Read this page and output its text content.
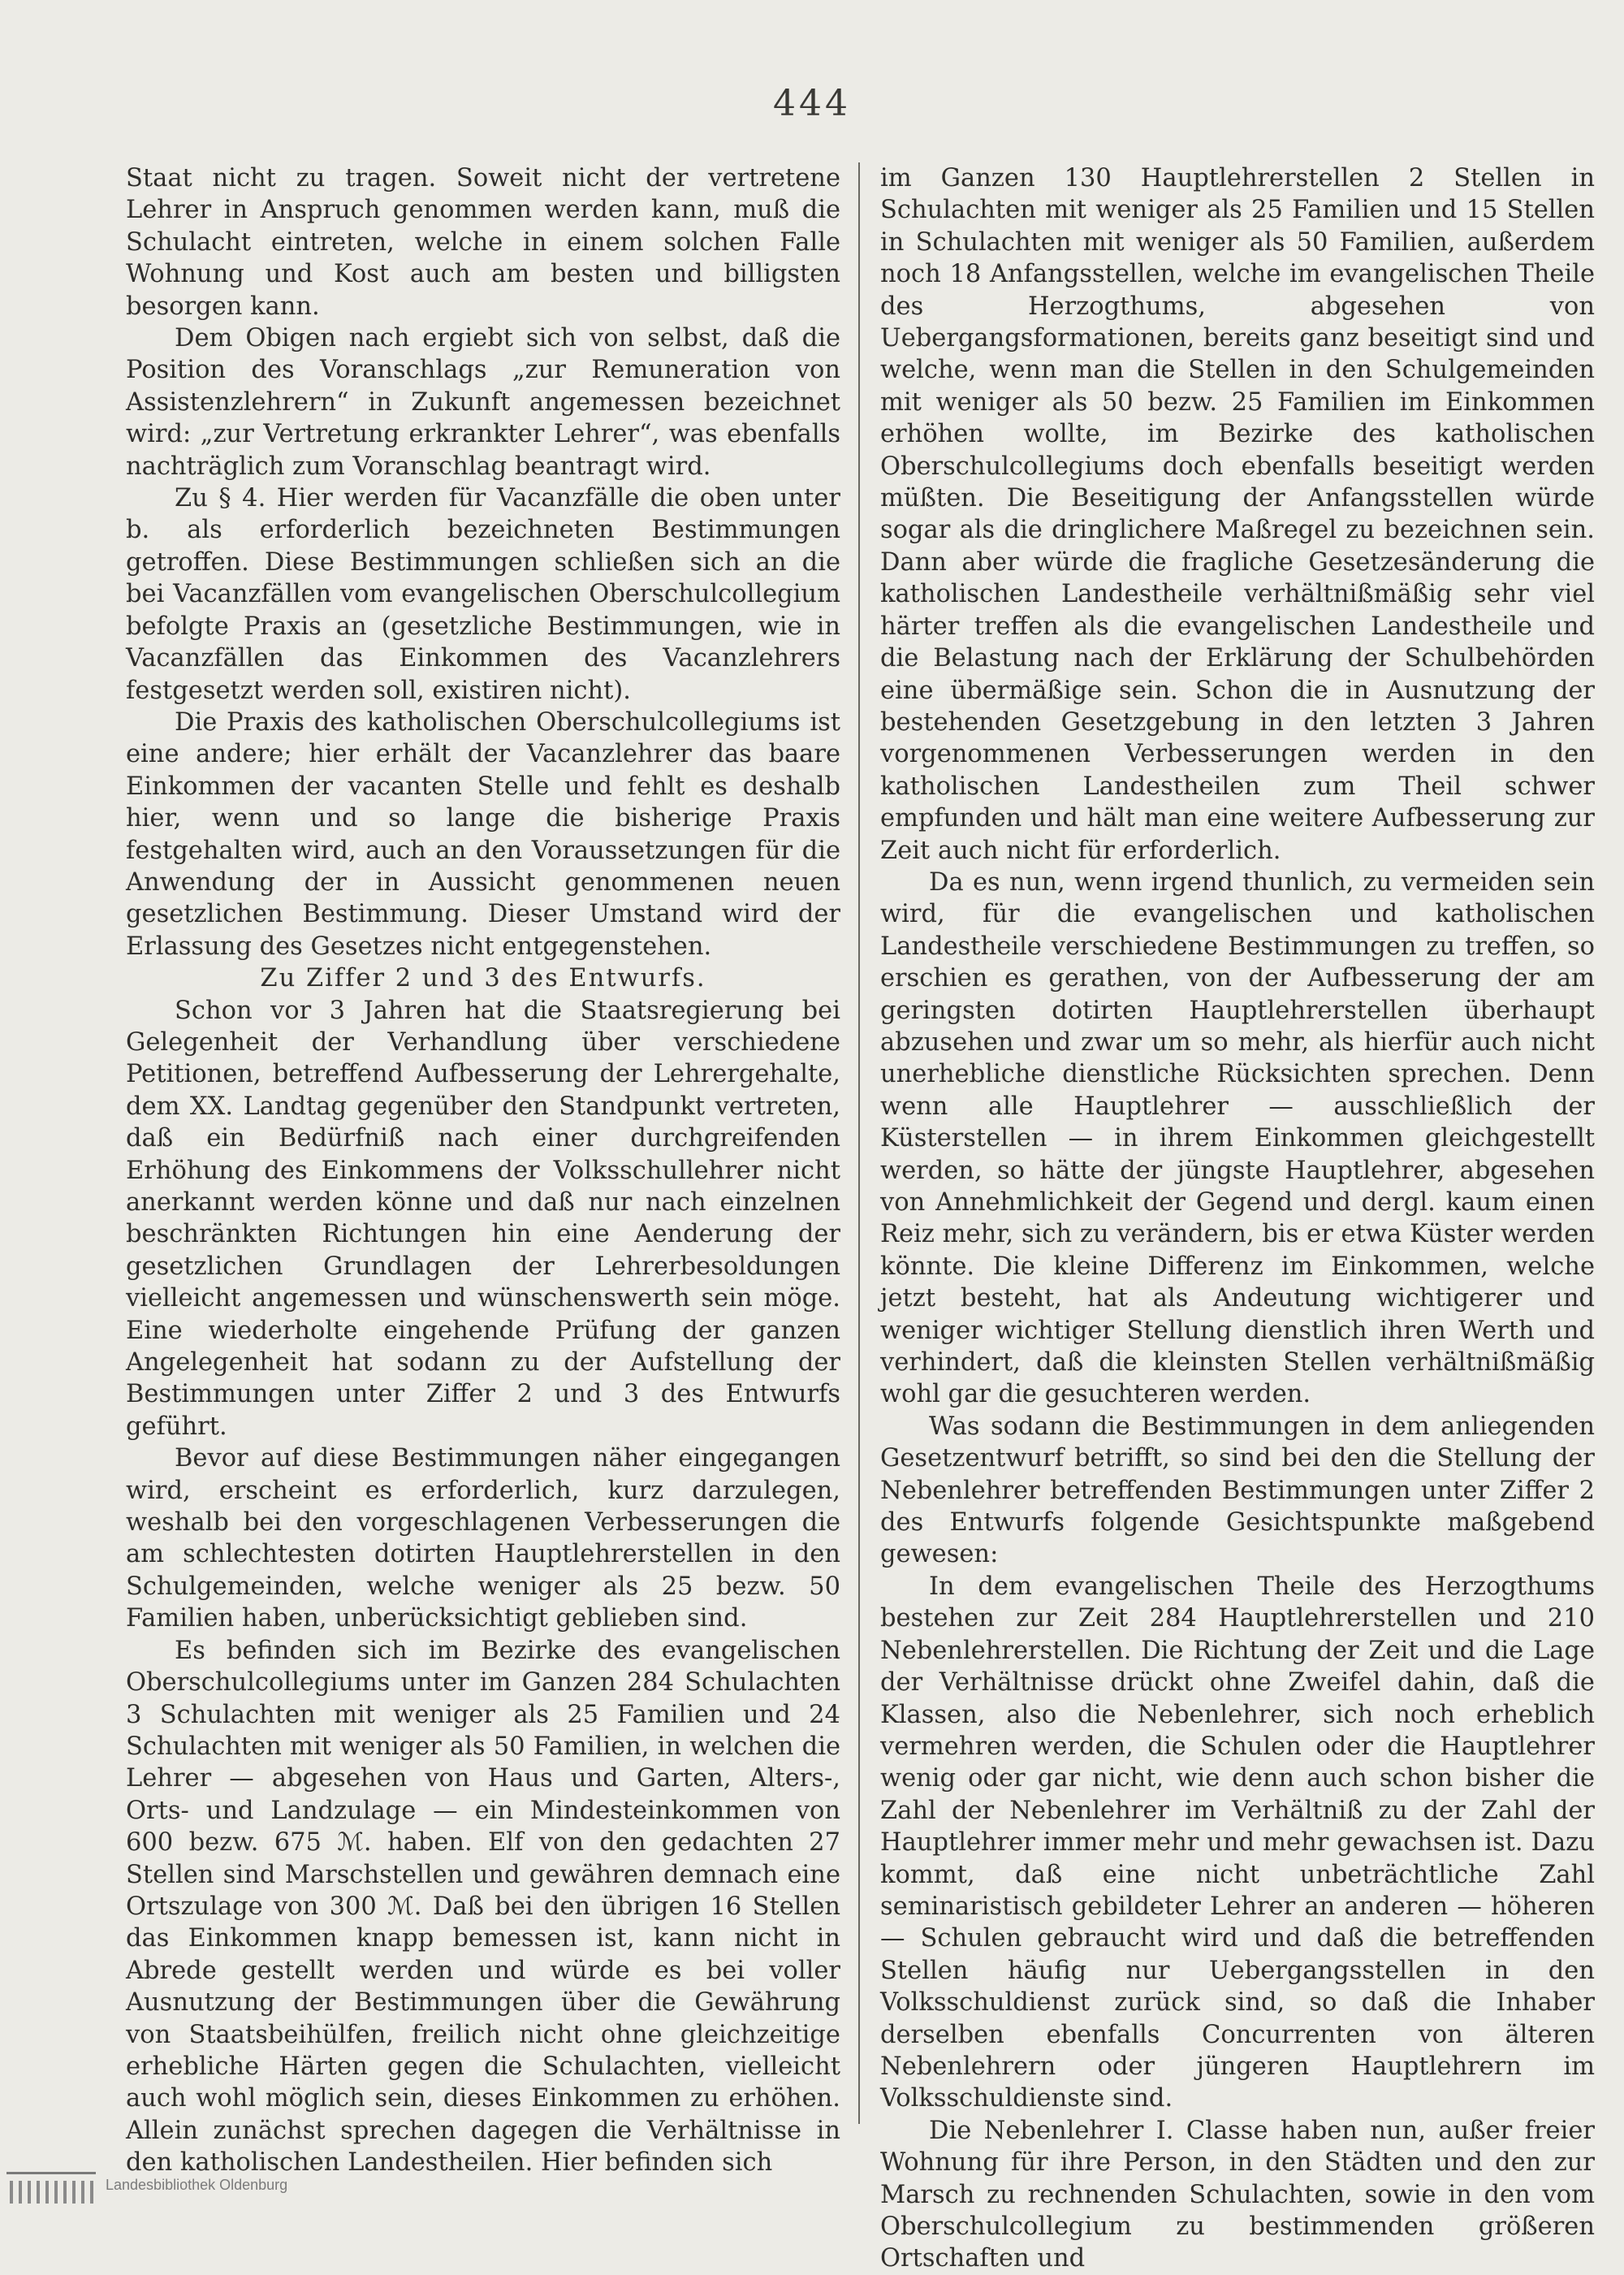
444

Staat nicht zu tragen. Soweit nicht der vertretene Lehrer in Anspruch genommen werden kann, muß die Schulacht eintreten, welche in einem solchen Falle Wohnung und Kost auch am besten und billigsten besorgen kann.

Dem Obigen nach ergiebt sich von selbst, daß die Position des Voranschlags „zur Remuneration von Assistenzlehrern“ in Zukunft angemessen bezeichnet wird: „zur Vertretung erkrankter Lehrer“, was ebenfalls nachträglich zum Voranschlag beantragt wird.

Zu § 4. Hier werden für Vacanzfälle die oben unter b. als erforderlich bezeichneten Bestimmungen getroffen. Diese Bestimmungen schließen sich an die bei Vacanzfällen vom evangelischen Oberschulcollegium befolgte Praxis an (gesetzliche Bestimmungen, wie in Vacanzfällen das Einkommen des Vacanzlehrers festgesetzt werden soll, existiren nicht).

Die Praxis des katholischen Oberschulcollegiums ist eine andere; hier erhält der Vacanzlehrer das baare Einkommen der vacanten Stelle und fehlt es deshalb hier, wenn und so lange die bisherige Praxis festgehalten wird, auch an den Voraussetzungen für die Anwendung der in Aussicht genommenen neuen gesetzlichen Bestimmung. Dieser Umstand wird der Erlassung des Gesetzes nicht entgegenstehen.

Zu Ziffer 2 und 3 des Entwurfs.

Schon vor 3 Jahren hat die Staatsregierung bei Gelegenheit der Verhandlung über verschiedene Petitionen, betreffend Aufbesserung der Lehrergehalte, dem XX. Landtag gegenüber den Standpunkt vertreten, daß ein Bedürfniß nach einer durchgreifenden Erhöhung des Einkommens der Volksschullehrer nicht anerkannt werden könne und daß nur nach einzelnen beschränkten Richtungen hin eine Aenderung der gesetzlichen Grundlagen der Lehrerbesoldungen vielleicht angemessen und wünschenswerth sein möge. Eine wiederholte eingehende Prüfung der ganzen Angelegenheit hat sodann zu der Aufstellung der Bestimmungen unter Ziffer 2 und 3 des Entwurfs geführt.

Bevor auf diese Bestimmungen näher eingegangen wird, erscheint es erforderlich, kurz darzulegen, weshalb bei den vorgeschlagenen Verbesserungen die am schlechtesten dotirten Hauptlehrerstellen in den Schulgemeinden, welche weniger als 25 bezw. 50 Familien haben, unberücksichtigt geblieben sind.

Es befinden sich im Bezirke des evangelischen Oberschulcollegiums unter im Ganzen 284 Schulachten 3 Schulachten mit weniger als 25 Familien und 24 Schulachten mit weniger als 50 Familien, in welchen die Lehrer — abgesehen von Haus und Garten, Alters-, Orts- und Landzulage — ein Mindesteinkommen von 600 bezw. 675 ℳ. haben. Elf von den gedachten 27 Stellen sind Marschstellen und gewähren demnach eine Ortszulage von 300 ℳ. Daß bei den übrigen 16 Stellen das Einkommen knapp bemessen ist, kann nicht in Abrede gestellt werden und würde es bei voller Ausnutzung der Bestimmungen über die Gewährung von Staatsbeihülfen, freilich nicht ohne gleichzeitige erhebliche Härten gegen die Schulachten, vielleicht auch wohl möglich sein, dieses Einkommen zu erhöhen. Allein zunächst sprechen dagegen die Verhältnisse in den katholischen Landestheilen. Hier befinden sich

im Ganzen 130 Hauptlehrerstellen 2 Stellen in Schulachten mit weniger als 25 Familien und 15 Stellen in Schulachten mit weniger als 50 Familien, außerdem noch 18 Anfangsstellen, welche im evangelischen Theile des Herzogthums, abgesehen von Uebergangsformationen, bereits ganz beseitigt sind und welche, wenn man die Stellen in den Schulgemeinden mit weniger als 50 bezw. 25 Familien im Einkommen erhöhen wollte, im Bezirke des katholischen Oberschulcollegiums doch ebenfalls beseitigt werden müßten. Die Beseitigung der Anfangsstellen würde sogar als die dringlichere Maßregel zu bezeichnen sein. Dann aber würde die fragliche Gesetzesänderung die katholischen Landestheile verhältnißmäßig sehr viel härter treffen als die evangelischen Landestheile und die Belastung nach der Erklärung der Schulbehörden eine übermäßige sein. Schon die in Ausnutzung der bestehenden Gesetzgebung in den letzten 3 Jahren vorgenommenen Verbesserungen werden in den katholischen Landestheilen zum Theil schwer empfunden und hält man eine weitere Aufbesserung zur Zeit auch nicht für erforderlich.

Da es nun, wenn irgend thunlich, zu vermeiden sein wird, für die evangelischen und katholischen Landestheile verschiedene Bestimmungen zu treffen, so erschien es gerathen, von der Aufbesserung der am geringsten dotirten Hauptlehrerstellen überhaupt abzusehen und zwar um so mehr, als hierfür auch nicht unerhebliche dienstliche Rücksichten sprechen. Denn wenn alle Hauptlehrer — ausschließlich der Küsterstellen — in ihrem Einkommen gleichgestellt werden, so hätte der jüngste Hauptlehrer, abgesehen von Annehmlichkeit der Gegend und dergl. kaum einen Reiz mehr, sich zu verändern, bis er etwa Küster werden könnte. Die kleine Differenz im Einkommen, welche jetzt besteht, hat als Andeutung wichtigerer und weniger wichtiger Stellung dienstlich ihren Werth und verhindert, daß die kleinsten Stellen verhältnißmäßig wohl gar die gesuchteren werden.

Was sodann die Bestimmungen in dem anliegenden Gesetzentwurf betrifft, so sind bei den die Stellung der Nebenlehrer betreffenden Bestimmungen unter Ziffer 2 des Entwurfs folgende Gesichtspunkte maßgebend gewesen:

In dem evangelischen Theile des Herzogthums bestehen zur Zeit 284 Hauptlehrerstellen und 210 Nebenlehrerstellen. Die Richtung der Zeit und die Lage der Verhältnisse drückt ohne Zweifel dahin, daß die Klassen, also die Nebenlehrer, sich noch erheblich vermehren werden, die Schulen oder die Hauptlehrer wenig oder gar nicht, wie denn auch schon bisher die Zahl der Nebenlehrer im Verhältniß zu der Zahl der Hauptlehrer immer mehr und mehr gewachsen ist. Dazu kommt, daß eine nicht unbeträchtliche Zahl seminaristisch gebildeter Lehrer an anderen — höheren — Schulen gebraucht wird und daß die betreffenden Stellen häufig nur Uebergangsstellen in den Volksschuldienst zurück sind, so daß die Inhaber derselben ebenfalls Concurrenten von älteren Nebenlehrern oder jüngeren Hauptlehrern im Volksschuldienste sind.

Die Nebenlehrer I. Classe haben nun, außer freier Wohnung für ihre Person, in den Städten und den zur Marsch zu rechnenden Schulachten, sowie in den vom Oberschulcollegium zu bestimmenden größeren Ortschaften und

Landesbibliothek Oldenburg
